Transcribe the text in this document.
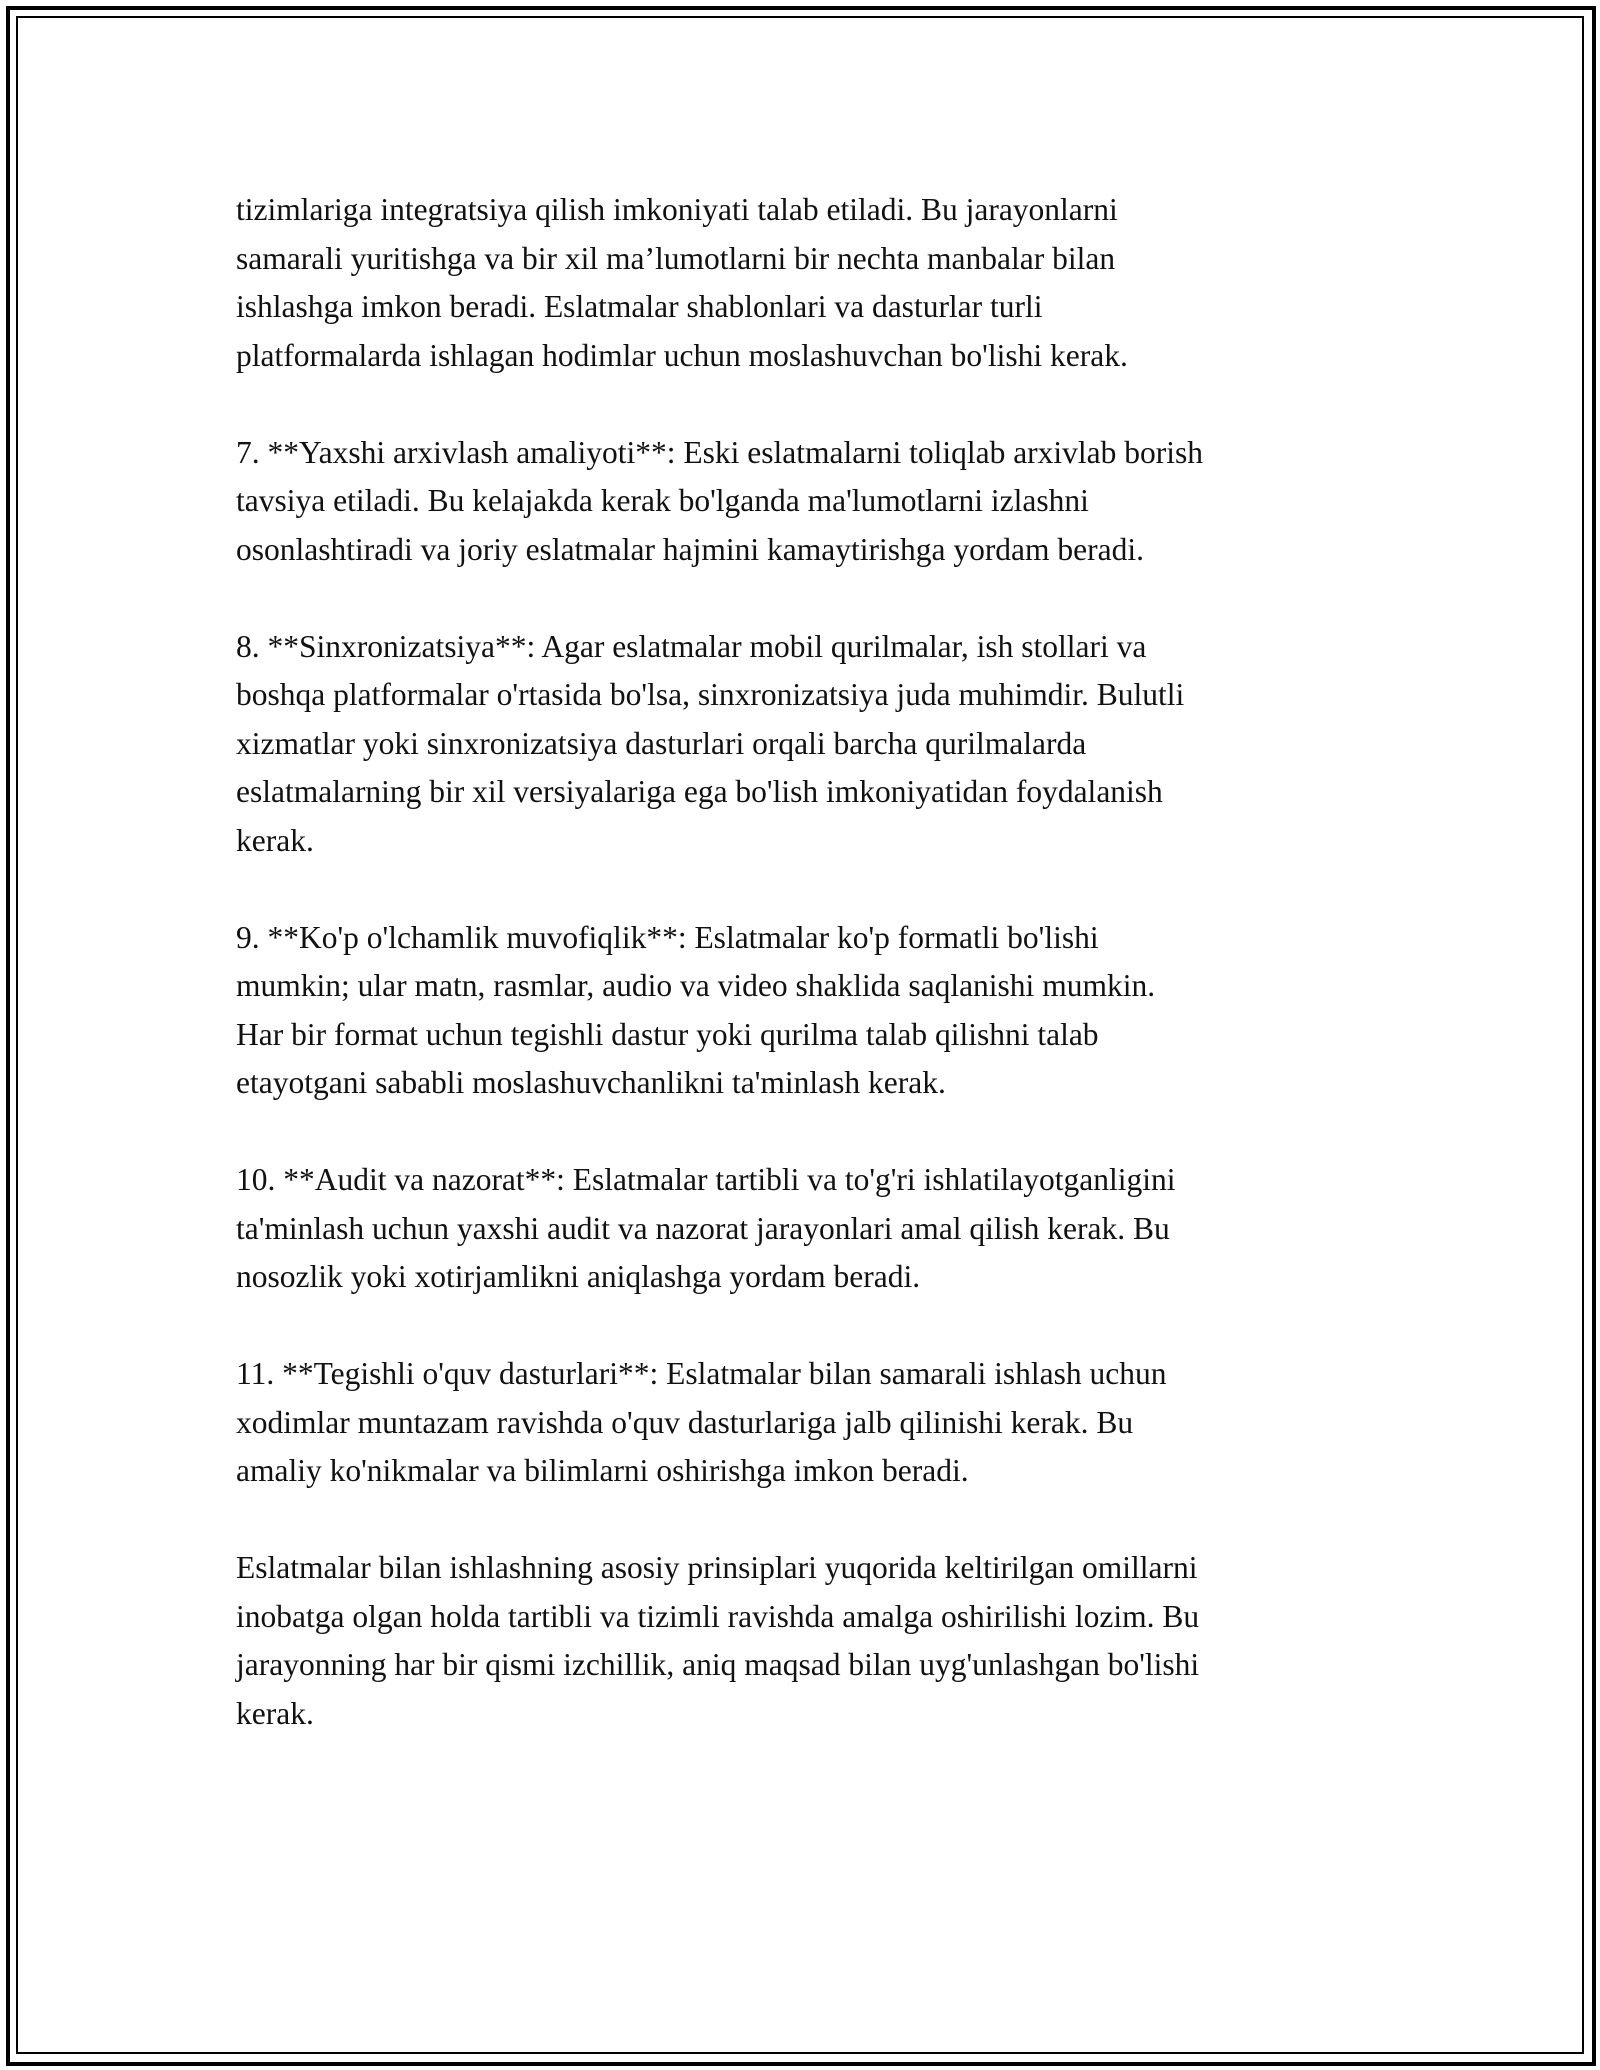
tizimlariga integratsiya qilish imkoniyati talab etiladi. Bu jarayonlarni
samarali yuritishga va bir xil ma’lumotlarni bir nechta manbalar bilan
ishlashga imkon beradi. Eslatmalar shablonlari va dasturlar turli
platformalarda ishlagan hodimlar uchun moslashuvchan bo'lishi kerak.

7. **Yaxshi arxivlash amaliyoti**: Eski eslatmalarni toliqlab arxivlab borish
tavsiya etiladi. Bu kelajakda kerak bo'lganda ma'lumotlarni izlashni
osonlashtiradi va joriy eslatmalar hajmini kamaytirishga yordam beradi.

8. **Sinxronizatsiya**: Agar eslatmalar mobil qurilmalar, ish stollari va
boshqa platformalar o'rtasida bo'lsa, sinxronizatsiya juda muhimdir. Bulutli
xizmatlar yoki sinxronizatsiya dasturlari orqali barcha qurilmalarda
eslatmalarning bir xil versiyalariga ega bo'lish imkoniyatidan foydalanish
kerak.

9. **Ko'p o'lchamlik muvofiqlik**: Eslatmalar ko'p formatli bo'lishi
mumkin; ular matn, rasmlar, audio va video shaklida saqlanishi mumkin.
Har bir format uchun tegishli dastur yoki qurilma talab qilishni talab
etayotgani sababli moslashuvchanlikni ta'minlash kerak.

10. **Audit va nazorat**: Eslatmalar tartibli va to'g'ri ishlatilayotganligini
ta'minlash uchun yaxshi audit va nazorat jarayonlari amal qilish kerak. Bu
nosozlik yoki xotirjamlikni aniqlashga yordam beradi.

11. **Tegishli o'quv dasturlari**: Eslatmalar bilan samarali ishlash uchun
xodimlar muntazam ravishda o'quv dasturlariga jalb qilinishi kerak. Bu
amaliy ko'nikmalar va bilimlarni oshirishga imkon beradi.

Eslatmalar bilan ishlashning asosiy prinsiplari yuqorida keltirilgan omillarni
inobatga olgan holda tartibli va tizimli ravishda amalga oshirilishi lozim. Bu
jarayonning har bir qismi izchillik, aniq maqsad bilan uyg'unlashgan bo'lishi
kerak.
